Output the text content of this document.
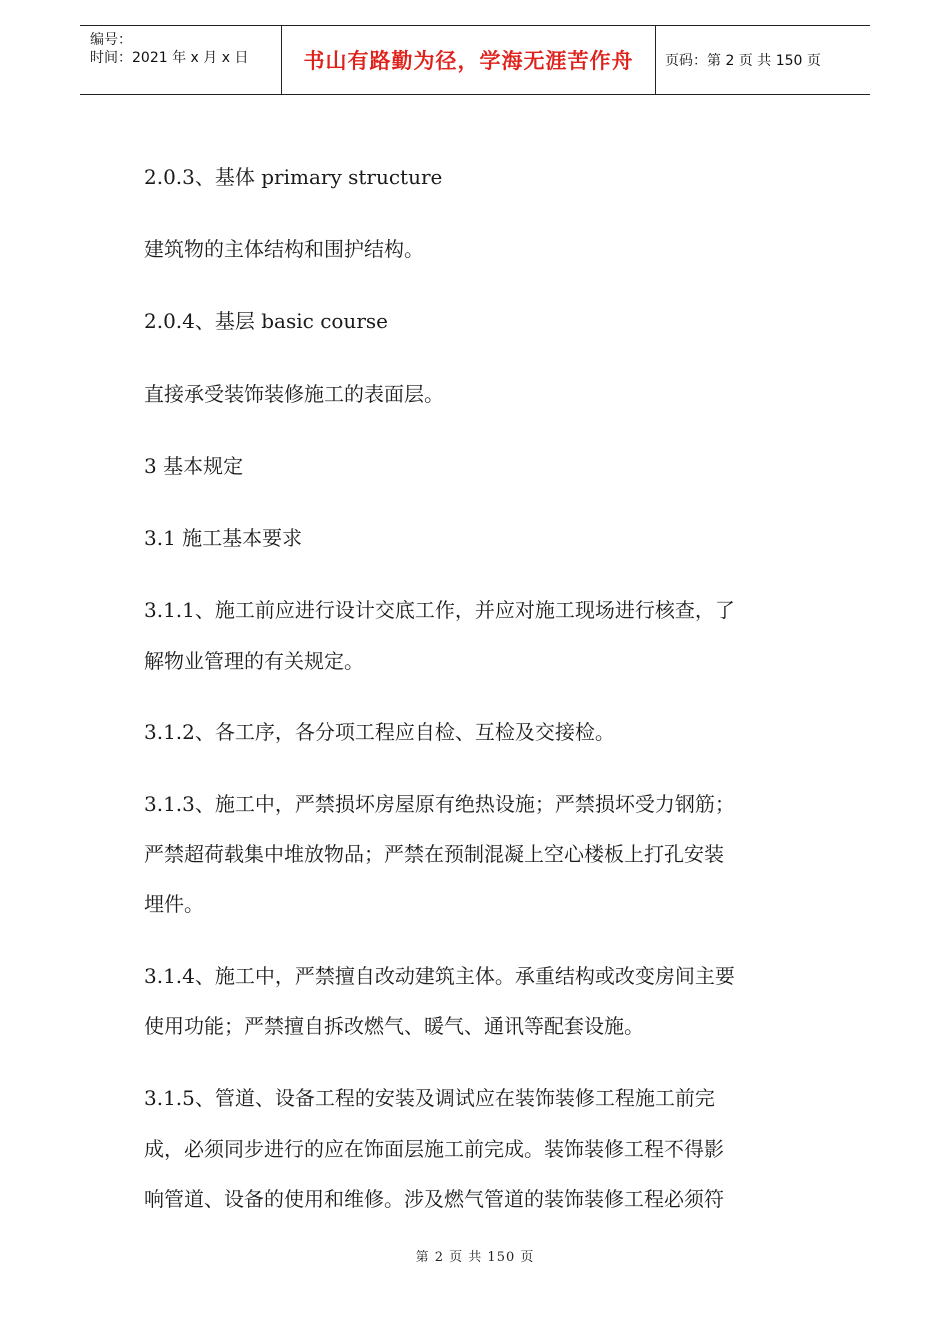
编号：
时间：2021 年 x 月 x 日	书山有路勤为径，学海无涯苦作舟 页码：第 2 页 共 150 页
2.0.3、基体 primary structure
建筑物的主体结构和围护结构。
2.0.4、基层 basic course
直接承受装饰装修施工的表面层。
3 基本规定
3.1 施工基本要求
3.1.1、施工前应进行设计交底工作，并应对施工现场进行核查，了
解物业管理的有关规定。
3.1.2、各工序，各分项工程应自检、互检及交接检。
3.1.3、施工中，严禁损坏房屋原有绝热设施；严禁损坏受力钢筋；
严禁超荷载集中堆放物品；严禁在预制混凝上空心楼板上打孔安装
埋件。
3.1.4、施工中，严禁擅自改动建筑主体。承重结构或改变房间主要
使用功能；严禁擅自拆改燃气、暖气、通讯等配套设施。
3.1.5、管道、设备工程的安装及调试应在装饰装修工程施工前完
成，必须同步进行的应在饰面层施工前完成。装饰装修工程不得影
响管道、设备的使用和维修。涉及燃气管道的装饰装修工程必须符
第 2 页 共 150 页
